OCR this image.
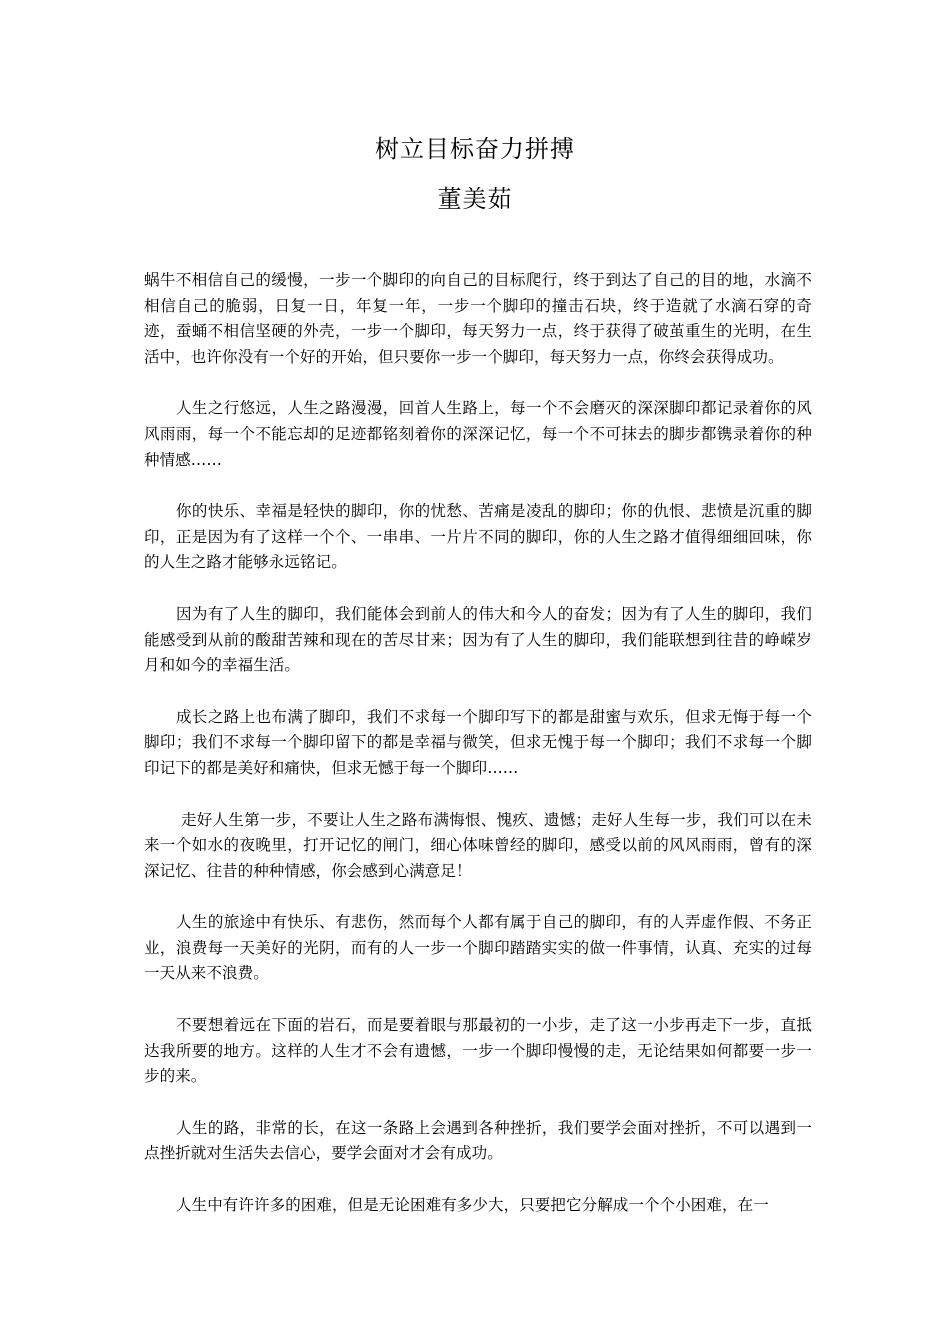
树立目标奋力拼搏
董美茹

蜗牛不相信自己的缓慢，一步一个脚印的向自己的目标爬行，终于到达了自己的目的地，水滴不相信自己的脆弱，日复一日，年复一年，一步一个脚印的撞击石块，终于造就了水滴石穿的奇迹，蚕蛹不相信坚硬的外壳，一步一个脚印，每天努力一点，终于获得了破茧重生的光明，在生活中，也许你没有一个好的开始，但只要你一步一个脚印，每天努力一点，你终会获得成功。

人生之行悠远，人生之路漫漫，回首人生路上，每一个不会磨灭的深深脚印都记录着你的风风雨雨，每一个不能忘却的足迹都铭刻着你的深深记忆，每一个不可抹去的脚步都镌录着你的种种情感……

你的快乐、幸福是轻快的脚印，你的忧愁、苦痛是凌乱的脚印；你的仇恨、悲愤是沉重的脚印，正是因为有了这样一个个、一串串、一片片不同的脚印，你的人生之路才值得细细回味，你的人生之路才能够永远铭记。

因为有了人生的脚印，我们能体会到前人的伟大和今人的奋发；因为有了人生的脚印，我们能感受到从前的酸甜苦辣和现在的苦尽甘来；因为有了人生的脚印，我们能联想到往昔的峥嵘岁月和如今的幸福生活。

成长之路上也布满了脚印，我们不求每一个脚印写下的都是甜蜜与欢乐，但求无悔于每一个脚印；我们不求每一个脚印留下的都是幸福与微笑，但求无愧于每一个脚印；我们不求每一个脚印记下的都是美好和痛快，但求无憾于每一个脚印……

走好人生第一步，不要让人生之路布满悔恨、愧疚、遗憾；走好人生每一步，我们可以在未来一个如水的夜晚里，打开记忆的闸门，细心体味曾经的脚印，感受以前的风风雨雨，曾有的深深记忆、往昔的种种情感，你会感到心满意足！

人生的旅途中有快乐、有悲伤，然而每个人都有属于自己的脚印，有的人弄虚作假、不务正业，浪费每一天美好的光阴，而有的人一步一个脚印踏踏实实的做一件事情，认真、充实的过每一天从来不浪费。

不要想着远在下面的岩石，而是要着眼与那最初的一小步，走了这一小步再走下一步，直抵达我所要的地方。这样的人生才不会有遗憾，一步一个脚印慢慢的走，无论结果如何都要一步一步的来。

人生的路，非常的长，在这一条路上会遇到各种挫折，我们要学会面对挫折，不可以遇到一点挫折就对生活失去信心，要学会面对才会有成功。

人生中有许许多的困难，但是无论困难有多少大，只要把它分解成一个个小困难，在一
